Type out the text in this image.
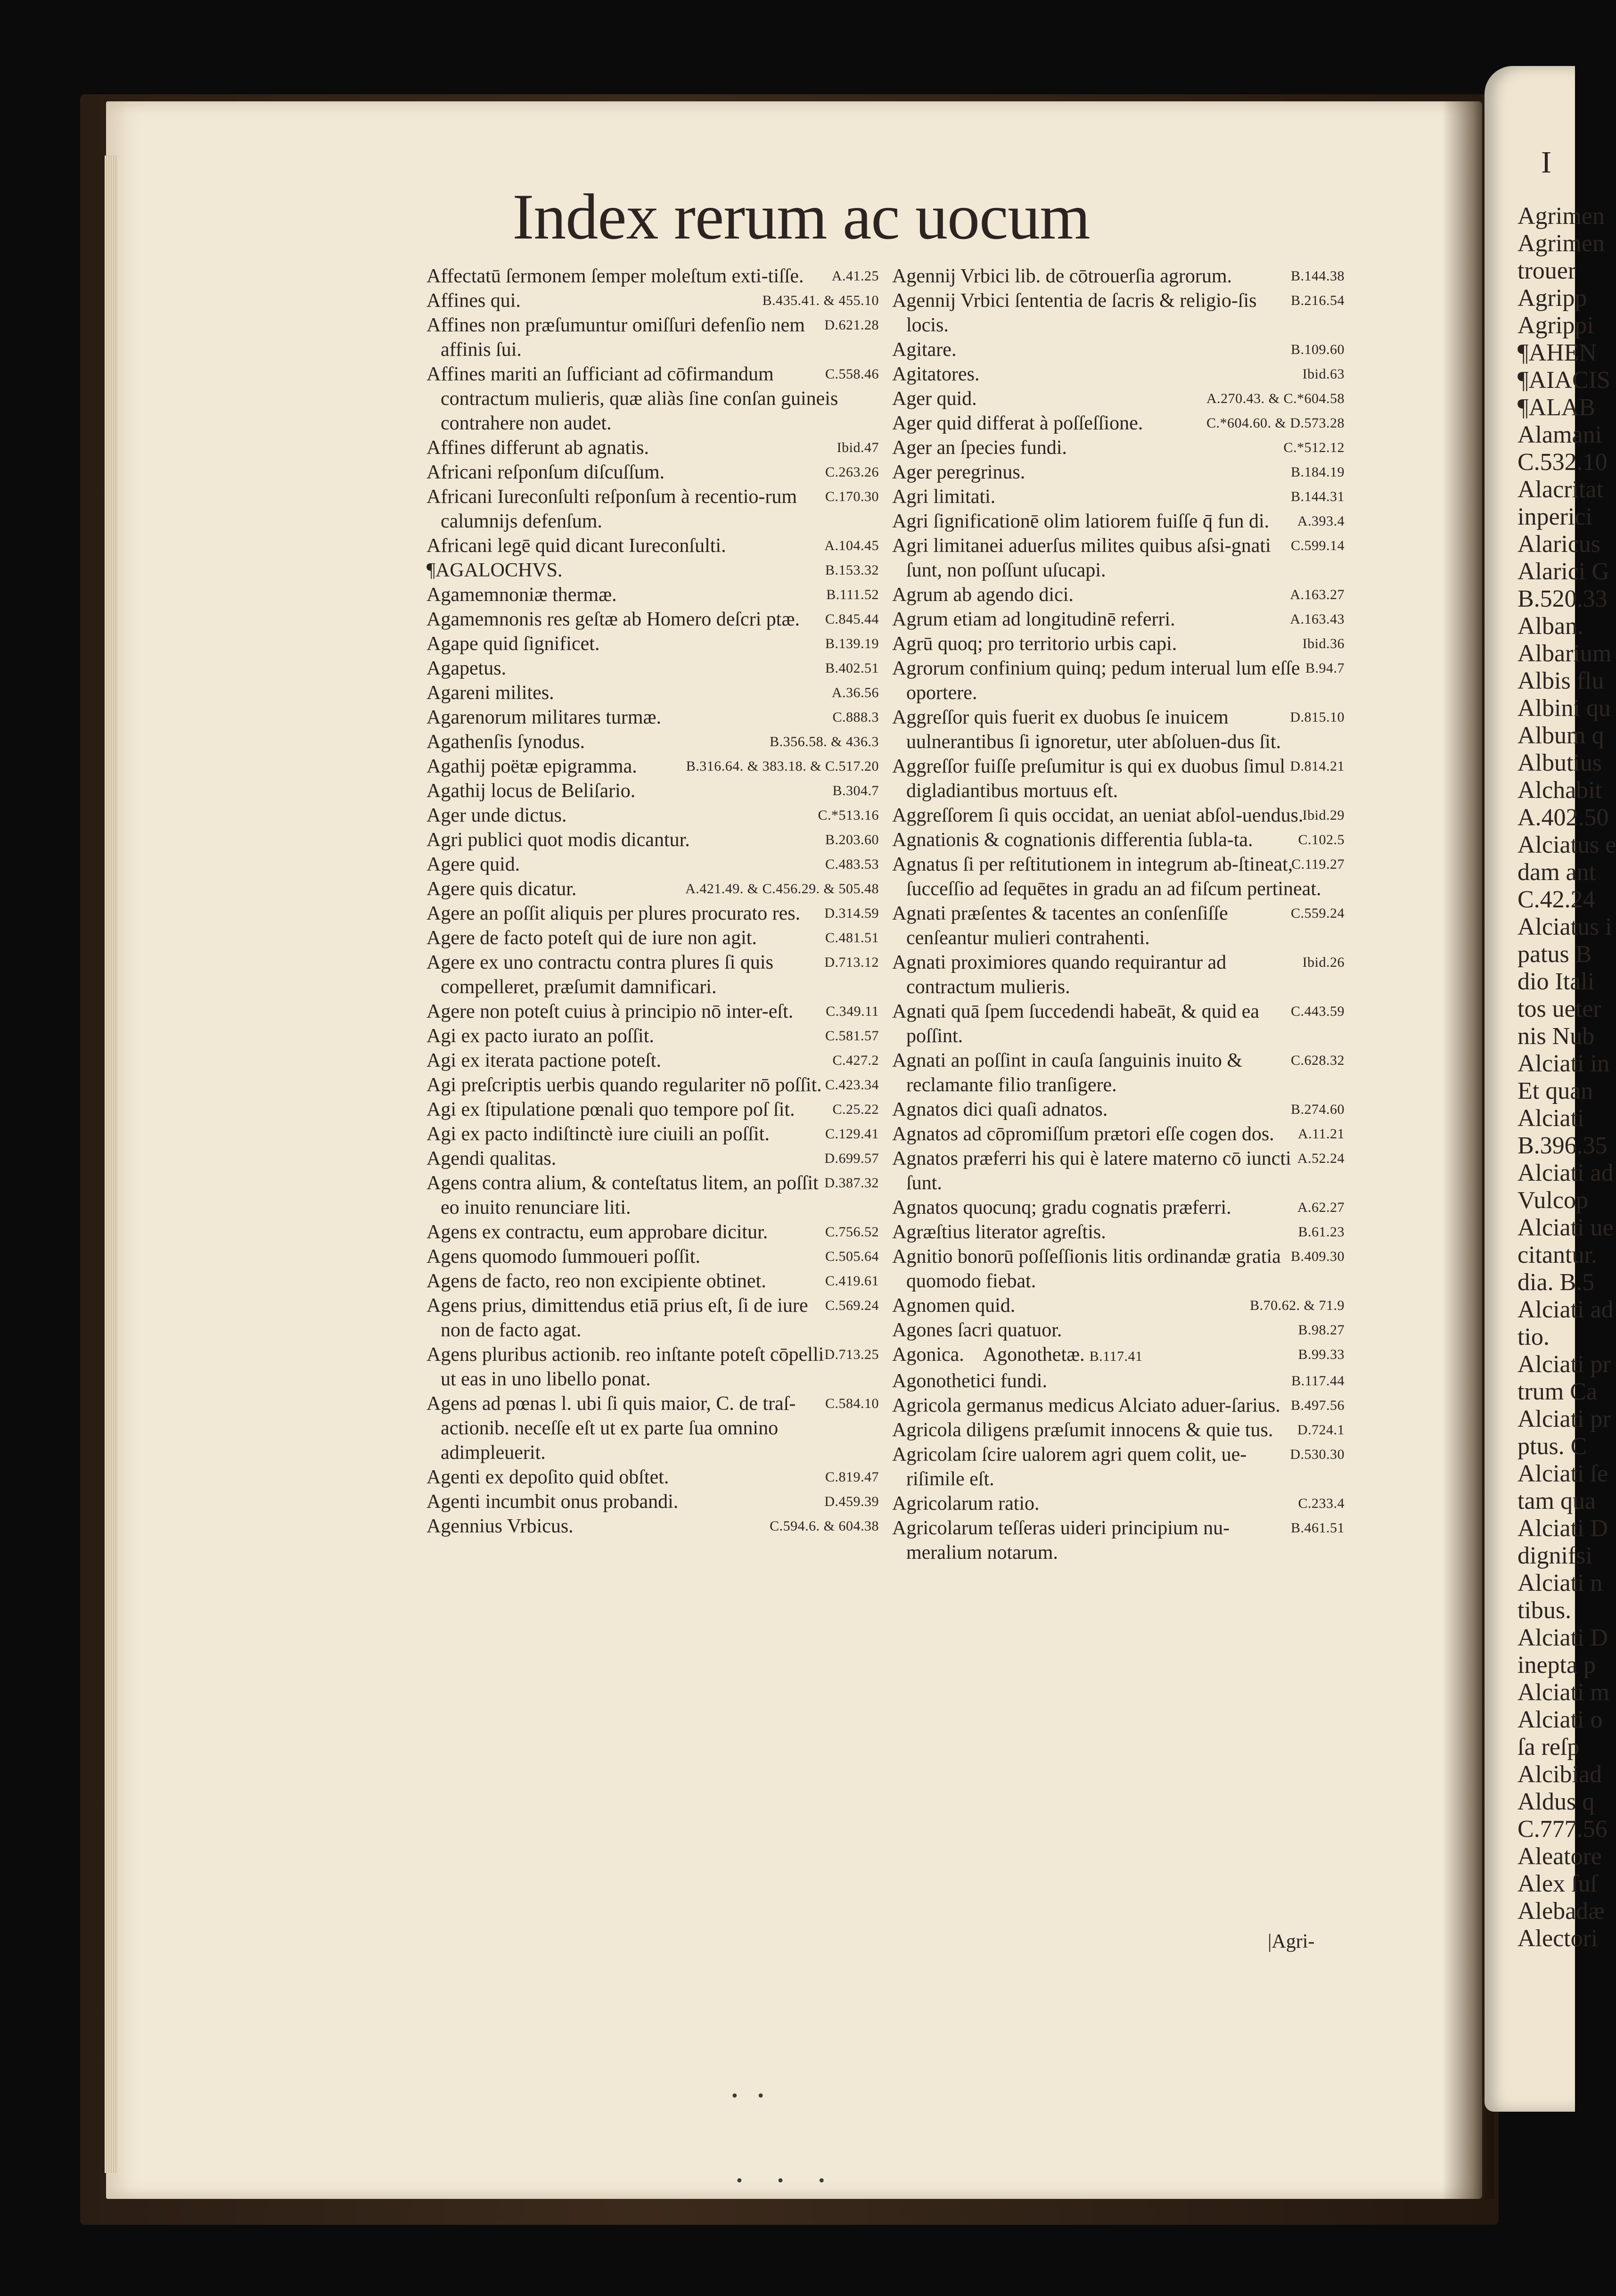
I
Agrimen
Agrimen
trouer
Agripp
Agrippi
¶AHEN
¶AIACIS
¶ALAB
Alamani
C.532.10
Alacritat
inperici
Alaricus
Alarici G
B.520.33
Alban.
Albarium
Albis flu
Albini qu
Album q
Albutius
Alchabit
A.402.50
Alciatus e
dam ant
C.42.24
Alciatus i
patus B
dio Itali
tos ueter
nis Nub
Alciati in
Et quan
Alciati
B.396.35
Alciati ad
Vulcop
Alciati ue
citantur.
dia. B.5
Alciati ad
tio.
Alciati pr
trum Ca
Alciati pr
ptus. C
Alciati ſe
tam qua
Alciati D
dignifsi
Alciati n
tibus.
Alciati D
inepta p
Alciati m
Alciati o
ſa reſp
Alcibiad
Aldus q
C.777.56
Aleatore
Alex ſuſ
Alebadæ
Alectori
Index rerum ac uocum
A.41.25
Affectatū ſermonem ſemper moleſtum exti-tiſſe.
B.435.41. & 455.10
Affines qui.
D.621.28
Affines non præſumuntur omiſſuri defenſio nem affinis ſui.
C.558.46
Affines mariti an ſufficiant ad cōfirmandum contractum mulieris, quæ aliàs ſine conſan guineis contrahere non audet.
Ibid.47
Affines differunt ab agnatis.
C.263.26
Africani reſponſum diſcuſſum.
C.170.30
Africani Iureconſulti reſponſum à recentio-rum calumnijs defenſum.
A.104.45
Africani legē quid dicant Iureconſulti.
B.153.32
¶AGALOCHVS.
B.111.52
Agamemnoniæ thermæ.
C.845.44
Agamemnonis res geſtæ ab Homero deſcri ptæ.
B.139.19
Agape quid ſignificet.
B.402.51
Agapetus.
A.36.56
Agareni milites.
C.888.3
Agarenorum militares turmæ.
B.356.58. & 436.3
Agathenſis ſynodus.
B.316.64. & 383.18. & C.517.20
Agathij poëtæ epigramma.
B.304.7
Agathij locus de Beliſario.
C.*513.16
Ager unde dictus.
B.203.60
Agri publici quot modis dicantur.
C.483.53
Agere quid.
A.421.49. & C.456.29. & 505.48
Agere quis dicatur.
D.314.59
Agere an poſſit aliquis per plures procurato res.
C.481.51
Agere de facto poteſt qui de iure non agit.
D.713.12
Agere ex uno contractu contra plures ſi quis compelleret, præſumit damnificari.
C.349.11
Agere non poteſt cuius à principio nō inter-eſt.
C.581.57
Agi ex pacto iurato an poſſit.
C.427.2
Agi ex iterata pactione poteſt.
C.423.34
Agi preſcriptis uerbis quando regulariter nō poſſit.
C.25.22
Agi ex ſtipulatione pœnali quo tempore poſ ſit.
C.129.41
Agi ex pacto indiſtinctè iure ciuili an poſſit.
D.699.57
Agendi qualitas.
D.387.32
Agens contra alium, & conteſtatus litem, an poſſit eo inuito renunciare liti.
C.756.52
Agens ex contractu, eum approbare dicitur.
C.505.64
Agens quomodo ſummoueri poſſit.
C.419.61
Agens de facto, reo non excipiente obtinet.
C.569.24
Agens prius, dimittendus etiā prius eſt, ſi de iure non de facto agat.
D.713.25
Agens pluribus actionib. reo inſtante poteſt cōpelli ut eas in uno libello ponat.
C.584.10
Agens ad pœnas l. ubi ſi quis maior, C. de traſ-actionib. neceſſe eſt ut ex parte ſua omnino adimpleuerit.
C.819.47
Agenti ex depoſito quid obſtet.
D.459.39
Agenti incumbit onus probandi.
C.594.6. & 604.38
Agennius Vrbicus.
B.144.38
Agennij Vrbici lib. de cōtrouerſia agrorum.
B.216.54
Agennij Vrbici ſententia de ſacris & religio-ſis locis.
B.109.60
Agitare.
Ibid.63
Agitatores.
A.270.43. & C.*604.58
Ager quid.
C.*604.60. & D.573.28
Ager quid differat à poſſeſſione.
C.*512.12
Ager an ſpecies fundi.
B.184.19
Ager peregrinus.
B.144.31
Agri limitati.
A.393.4
Agri ſignificationē olim latiorem fuiſſe q̄ fun di.
C.599.14
Agri limitanei aduerſus milites quibus aſsi-gnati ſunt, non poſſunt uſucapi.
A.163.27
Agrum ab agendo dici.
A.163.43
Agrum etiam ad longitudinē referri.
Ibid.36
Agrū quoq; pro territorio urbis capi.
B.94.7
Agrorum confinium quinq; pedum interual lum eſſe oportere.
D.815.10
Aggreſſor quis fuerit ex duobus ſe inuicem uulnerantibus ſi ignoretur, uter abſoluen-dus ſit.
D.814.21
Aggreſſor fuiſſe preſumitur is qui ex duobus ſimul digladiantibus mortuus eſt.
Ibid.29
Aggreſſorem ſi quis occidat, an ueniat abſol-uendus.
C.102.5
Agnationis & cognationis differentia ſubla-ta.
C.119.27
Agnatus ſi per reſtitutionem in integrum ab-ſtineat, ſucceſſio ad ſequētes in gradu an ad fiſcum pertineat.
C.559.24
Agnati præſentes & tacentes an conſenſiſſe cenſeantur mulieri contrahenti.
Ibid.26
Agnati proximiores quando requirantur ad contractum mulieris.
C.443.59
Agnati quā ſpem ſuccedendi habeāt, & quid ea poſſint.
C.628.32
Agnati an poſſint in cauſa ſanguinis inuito & reclamante filio tranſigere.
B.274.60
Agnatos dici quaſi adnatos.
A.11.21
Agnatos ad cōpromiſſum prætori eſſe cogen dos.
A.52.24
Agnatos præferri his qui è latere materno cō iuncti ſunt.
A.62.27
Agnatos quocunq; gradu cognatis præferri.
B.61.23
Agræſtius literator agreſtis.
B.409.30
Agnitio bonorū poſſeſſionis litis ordinandæ gratia quomodo fiebat.
B.70.62. & 71.9
Agnomen quid.
B.98.27
Agones ſacri quatuor.
B.99.33
Agonica. Agonothetæ. B.117.41
B.117.44
Agonothetici fundi.
B.497.56
Agricola germanus medicus Alciato aduer-ſarius.
D.724.1
Agricola diligens præſumit innocens & quie tus.
D.530.30
Agricolam ſcire ualorem agri quem colit, ue-riſimile eſt.
C.233.4
Agricolarum ratio.
B.461.51
Agricolarum teſſeras uideri principium nu-meralium notarum.
|Agri-
• •
• • •
